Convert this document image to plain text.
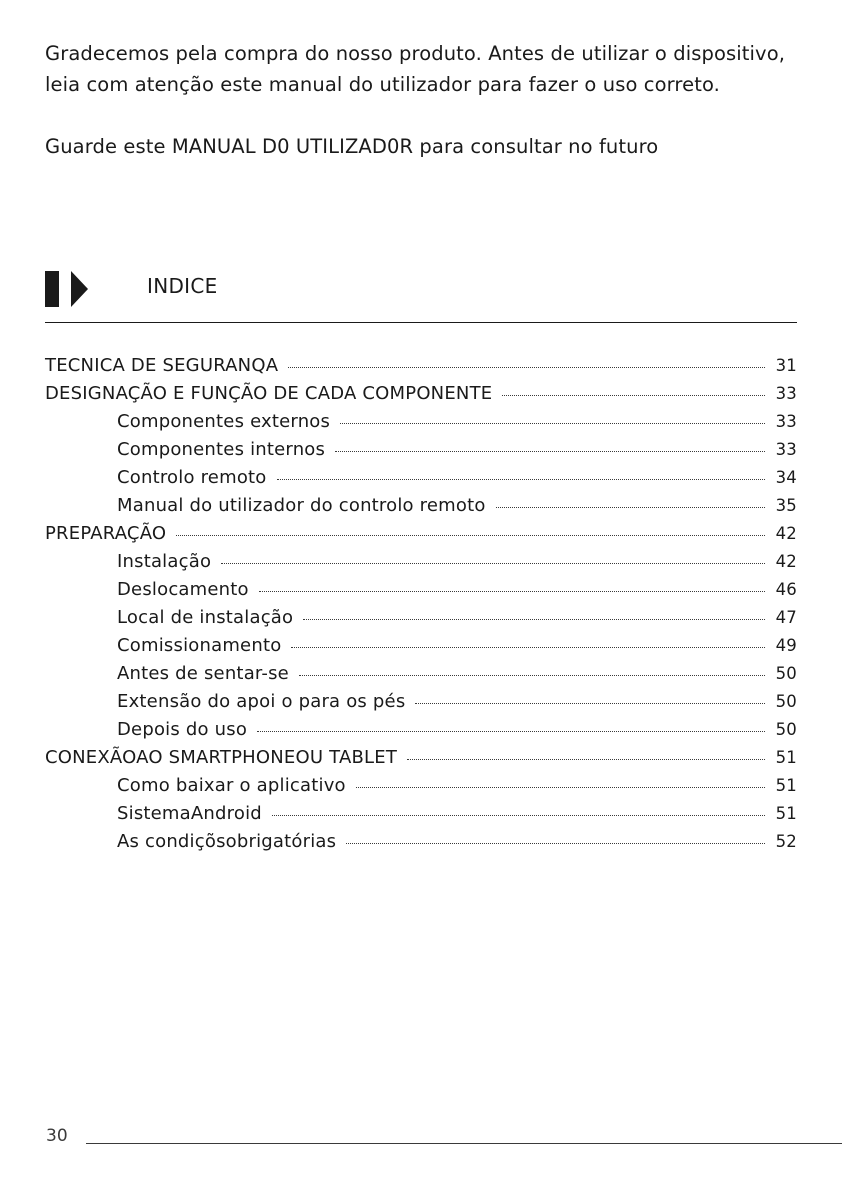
Gradecemos pela compra do nosso produto. Antes de utilizar o dispositivo, leia com atenção este manual do utilizador para fazer o uso correto.

Guarde este MANUAL D0 UTILIZAD0R para consultar no futuro

INDICE
TECNICA DE SEGURANQA	31
DESIGNAÇÃO E FUNÇÃO DE CADA COMPONENTE	33
Componentes externos	33
Componentes internos	33
Controlo remoto	34
Manual do utilizador do controlo remoto	35
PREPARAÇÃO	42
Instalação	42
Deslocamento	46
Local de instalação	47
Comissionamento	49
Antes de sentar-se	50
Extensão do apoi o para os pés	50
Depois do uso	50
CONEXÃOAO SMARTPHONEOU TABLET	51
Como baixar o aplicativo	51
SistemaAndroid	51
As condiçõsobrigatórias	52
30
